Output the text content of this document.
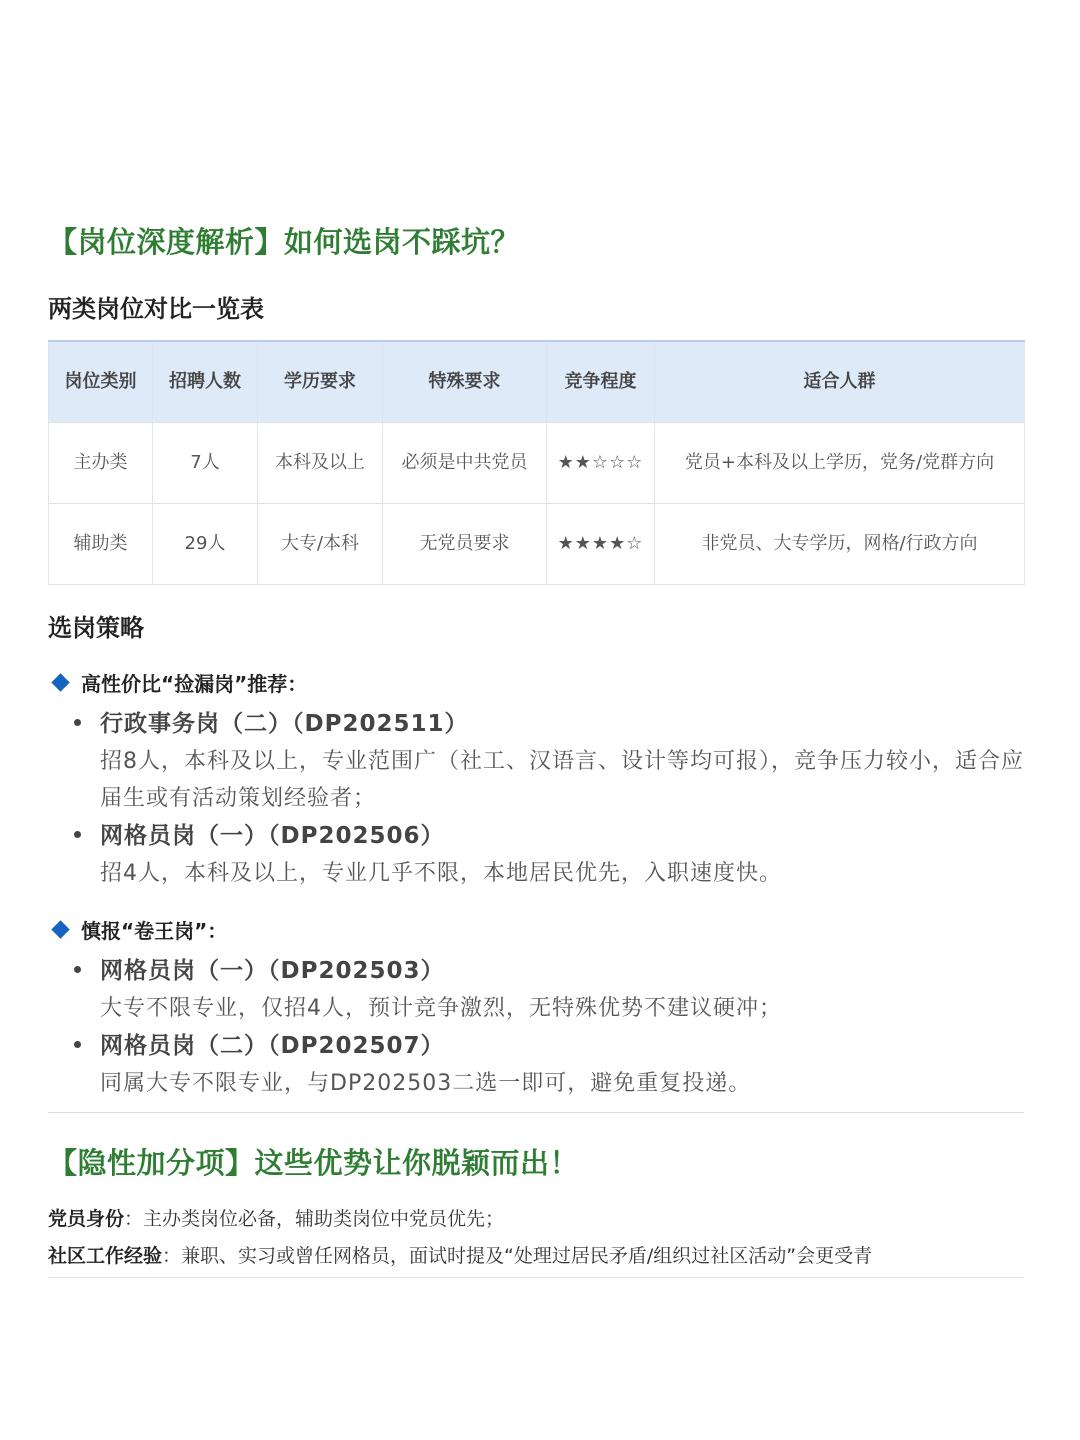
【岗位深度解析】如何选岗不踩坑？
两类岗位对比一览表
岗位类别	招聘人数	学历要求	特殊要求	竞争程度	适合人群
主办类	7人	本科及以上	必须是中共党员	★★☆☆☆	党员+本科及以上学历，党务/党群方向
辅助类	29人	大专/本科	无党员要求	★★★★☆	非党员、大专学历，网格/行政方向
选岗策略
高性价比“捡漏岗”推荐：
行政事务岗（二）（DP202511）
招8人，本科及以上，专业范围广（社工、汉语言、设计等均可报），竞争压力较小，适合应届生或有活动策划经验者；
网格员岗（一）（DP202506）
招4人，本科及以上，专业几乎不限，本地居民优先，入职速度快。
慎报“卷王岗”：
网格员岗（一）（DP202503）
大专不限专业，仅招4人，预计竞争激烈，无特殊优势不建议硬冲；
网格员岗（二）（DP202507）
同属大专不限专业，与DP202503二选一即可，避免重复投递。
【隐性加分项】这些优势让你脱颖而出！
党员身份：主办类岗位必备，辅助类岗位中党员优先；
社区工作经验：兼职、实习或曾任网格员，面试时提及“处理过居民矛盾/组织过社区活动”会更受青
